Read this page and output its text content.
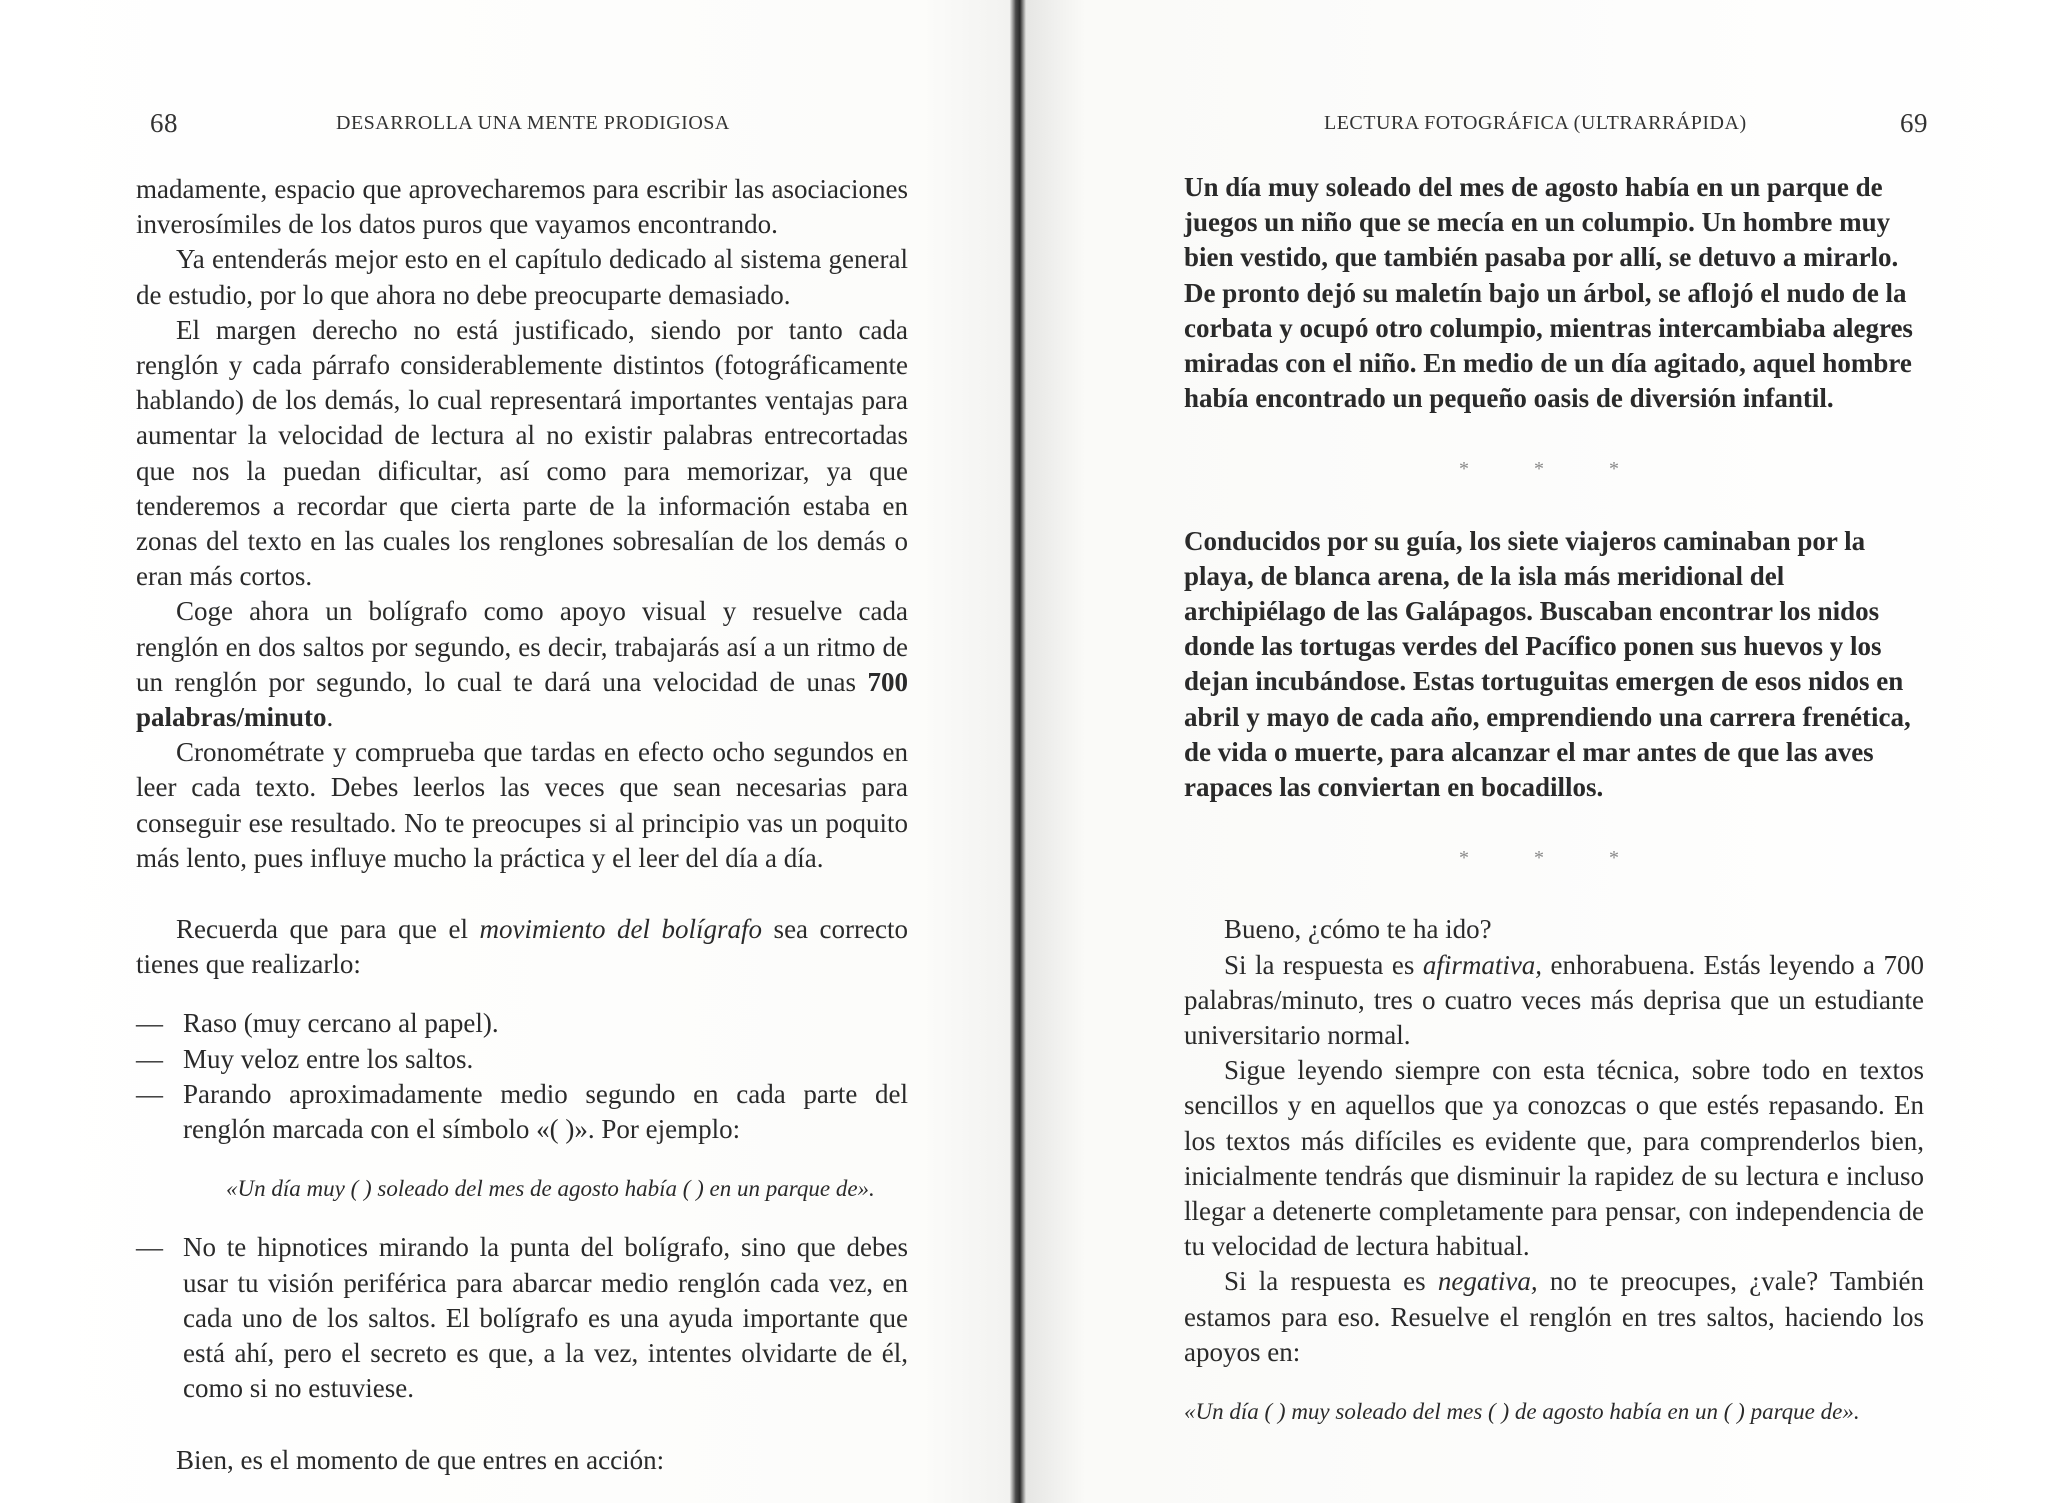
68	DESARROLLA UNA MENTE PRODIGIOSA

madamente, espacio que aprovecharemos para escribir las asociaciones inverosímiles de los datos puros que vayamos encontrando.

Ya entenderás mejor esto en el capítulo dedicado al sistema general de estudio, por lo que ahora no debe preocuparte demasiado.

El margen derecho no está justificado, siendo por tanto cada renglón y cada párrafo considerablemente distintos (fotográficamente hablando) de los demás, lo cual representará importantes ventajas para aumentar la velocidad de lectura al no existir palabras entrecortadas que nos la puedan dificultar, así como para memorizar, ya que tenderemos a recordar que cierta parte de la información estaba en zonas del texto en las cuales los renglones sobresalían de los demás o eran más cortos.

Coge ahora un bolígrafo como apoyo visual y resuelve cada renglón en dos saltos por segundo, es decir, trabajarás así a un ritmo de un renglón por segundo, lo cual te dará una velocidad de unas 700 palabras/minuto.

Cronométrate y comprueba que tardas en efecto ocho segundos en leer cada texto. Debes leerlos las veces que sean necesarias para conseguir ese resultado. No te preocupes si al principio vas un poquito más lento, pues influye mucho la práctica y el leer del día a día.

Recuerda que para que el movimiento del bolígrafo sea correcto tienes que realizarlo:

— Raso (muy cercano al papel).

— Muy veloz entre los saltos.

— Parando aproximadamente medio segundo en cada parte del renglón marcada con el símbolo «( )». Por ejemplo:

«Un día muy ( ) soleado del mes de agosto había ( ) en un parque de».

— No te hipnotices mirando la punta del bolígrafo, sino que debes usar tu visión periférica para abarcar medio renglón cada vez, en cada uno de los saltos. El bolígrafo es una ayuda importante que está ahí, pero el secreto es que, a la vez, intentes olvidarte de él, como si no estuviese.

Bien, es el momento de que entres en acción:

LECTURA FOTOGRÁFICA (ULTRARRÁPIDA)	69

Un día muy soleado del mes de agosto había en un parque de juegos un niño que se mecía en un columpio. Un hombre muy bien vestido, que también pasaba por allí, se detuvo a mirarlo. De pronto dejó su maletín bajo un árbol, se aflojó el nudo de la corbata y ocupó otro columpio, mientras intercambiaba alegres miradas con el niño. En medio de un día agitado, aquel hombre había encontrado un pequeño oasis de diversión infantil.

* * *

Conducidos por su guía, los siete viajeros caminaban por la playa, de blanca arena, de la isla más meridional del archipiélago de las Galápagos. Buscaban encontrar los nidos donde las tortugas verdes del Pacífico ponen sus huevos y los dejan incubándose. Estas tortuguitas emergen de esos nidos en abril y mayo de cada año, emprendiendo una carrera frenética, de vida o muerte, para alcanzar el mar antes de que las aves rapaces las conviertan en bocadillos.

* * *

Bueno, ¿cómo te ha ido?

Si la respuesta es afirmativa, enhorabuena. Estás leyendo a 700 palabras/minuto, tres o cuatro veces más deprisa que un estudiante universitario normal.

Sigue leyendo siempre con esta técnica, sobre todo en textos sencillos y en aquellos que ya conozcas o que estés repasando. En los textos más difíciles es evidente que, para comprenderlos bien, inicialmente tendrás que disminuir la rapidez de su lectura e incluso llegar a detenerte completamente para pensar, con independencia de tu velocidad de lectura habitual.

Si la respuesta es negativa, no te preocupes, ¿vale? También estamos para eso. Resuelve el renglón en tres saltos, haciendo los apoyos en:

«Un día ( ) muy soleado del mes ( ) de agosto había en un ( ) parque de».
